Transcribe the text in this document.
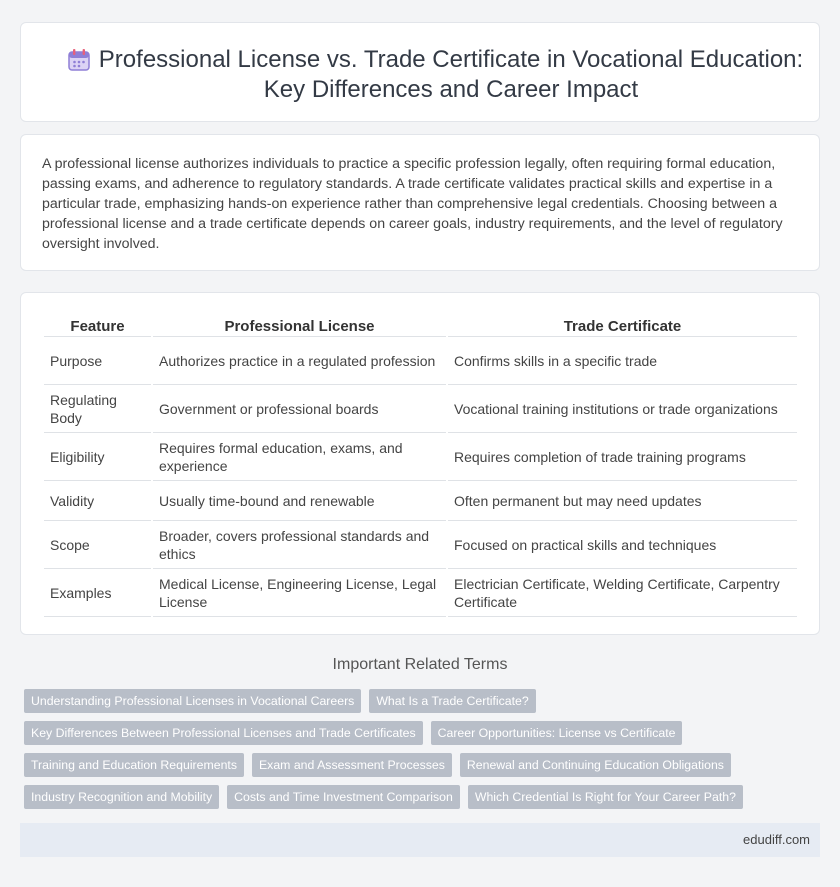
Professional License vs. Trade Certificate in Vocational Education:
Key Differences and Career Impact

A professional license authorizes individuals to practice a specific profession legally, often requiring formal education, passing exams, and adherence to regulatory standards. A trade certificate validates practical skills and expertise in a particular trade, emphasizing hands-on experience rather than comprehensive legal credentials. Choosing between a professional license and a trade certificate depends on career goals, industry requirements, and the level of regulatory oversight involved.

Feature	Professional License	Trade Certificate
Purpose	Authorizes practice in a regulated profession	Confirms skills in a specific trade
Regulating Body	Government or professional boards	Vocational training institutions or trade organizations
Eligibility	Requires formal education, exams, and experience	Requires completion of trade training programs
Validity	Usually time-bound and renewable	Often permanent but may need updates
Scope	Broader, covers professional standards and ethics	Focused on practical skills and techniques
Examples	Medical License, Engineering License, Legal License	Electrician Certificate, Welding Certificate, Carpentry Certificate
Important Related Terms
Understanding Professional Licenses in Vocational Careers	What Is a Trade Certificate?
Key Differences Between Professional Licenses and Trade Certificates	Career Opportunities: License vs Certificate
Training and Education Requirements	Exam and Assessment Processes	Renewal and Continuing Education Obligations
Industry Recognition and Mobility	Costs and Time Investment Comparison	Which Credential Is Right for Your Career Path?
edudiff.com
